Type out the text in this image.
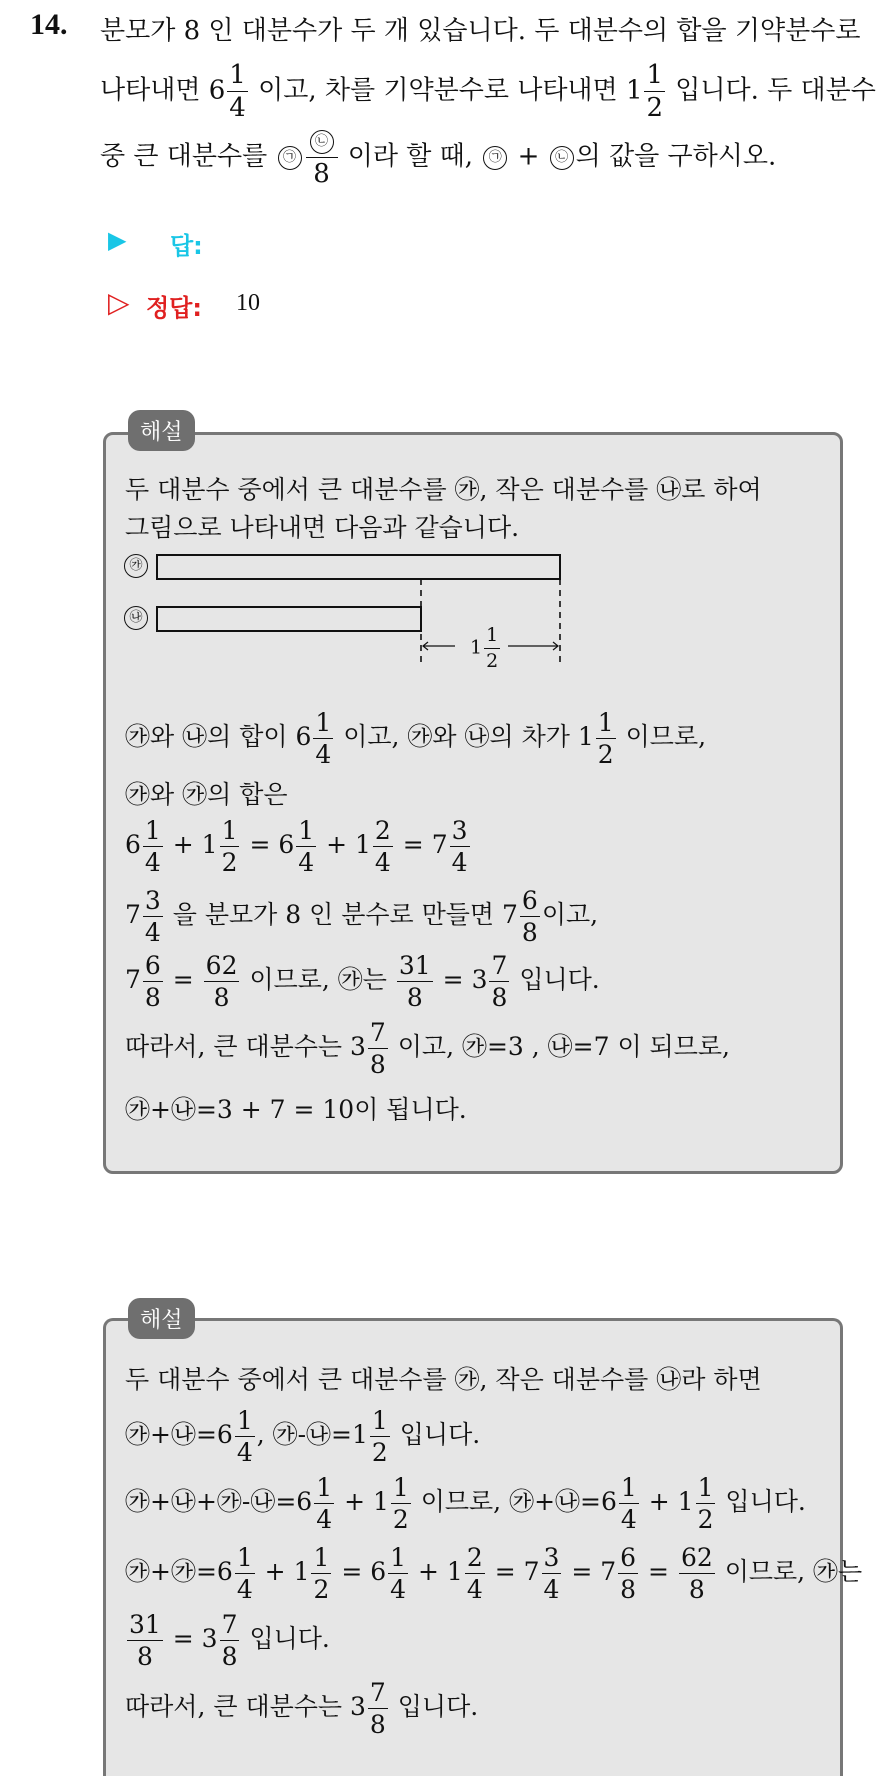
14. 분모가 8 인 대분수가 두 개 있습니다. 두 대분수의 합을 기약분수로
나타내면 $6 \frac{1}{4}$ 이고, 차를 기약분수로 나타내면 $1 \frac{1}{2}$ 입니다. 두 대분수
중 큰 대분수를 ㉠ $\frac{㉡}{8}$ 이라 할 때, ㉠ + ㉡ 의 값을 구하시오.
▶ 답:
▷ 정답: 10
해설
두 대분수 중에서 큰 대분수를 ㉮, 작은 대분수를 ㉯로 하여
그림으로 나타내면 다음과 같습니다.
㉮
㉯
$1 \frac{1}{2}$
㉮와 ㉯의 합이 $6 \frac{1}{4}$ 이고, ㉮와 ㉯의 차가 $1 \frac{1}{2}$ 이므로,
㉮와 ㉮의 합은
$6 \frac{1}{4} + 1 \frac{1}{2} = 6 \frac{1}{4} + 1 \frac{2}{4} = 7 \frac{3}{4}$
$7 \frac{3}{4}$ 을 분모가 8 인 분수로 만들면 $7 \frac{6}{8}$ 이고,
$7 \frac{6}{8} = \frac{62}{8}$ 이므로, ㉮는 $\frac{31}{8} = 3 \frac{7}{8}$ 입니다.
따라서, 큰 대분수는 $3 \frac{7}{8}$ 이고, ㉮=3 , ㉯=7 이 되므로,
㉮+㉯=3 + 7 = 10이 됩니다.
해설
두 대분수 중에서 큰 대분수를 ㉮, 작은 대분수를 ㉯라 하면
㉮+㉯=6 $\frac{1}{4}$ , ㉮-㉯=1 $\frac{1}{2}$ 입니다.
㉮+㉯+㉮-㉯=6 $\frac{1}{4} + 1 \frac{1}{2}$ 이므로, ㉮+㉯=6 $\frac{1}{4} + 1 \frac{1}{2}$ 입니다.
㉮+㉮=6 $\frac{1}{4} + 1 \frac{1}{2} = 6 \frac{1}{4} + 1 \frac{2}{4} = 7 \frac{3}{4} = 7 \frac{6}{8} = \frac{62}{8}$ 이므로, ㉮는
$\frac{31}{8} = 3 \frac{7}{8}$ 입니다.
따라서, 큰 대분수는 $3 \frac{7}{8}$ 입니다.
